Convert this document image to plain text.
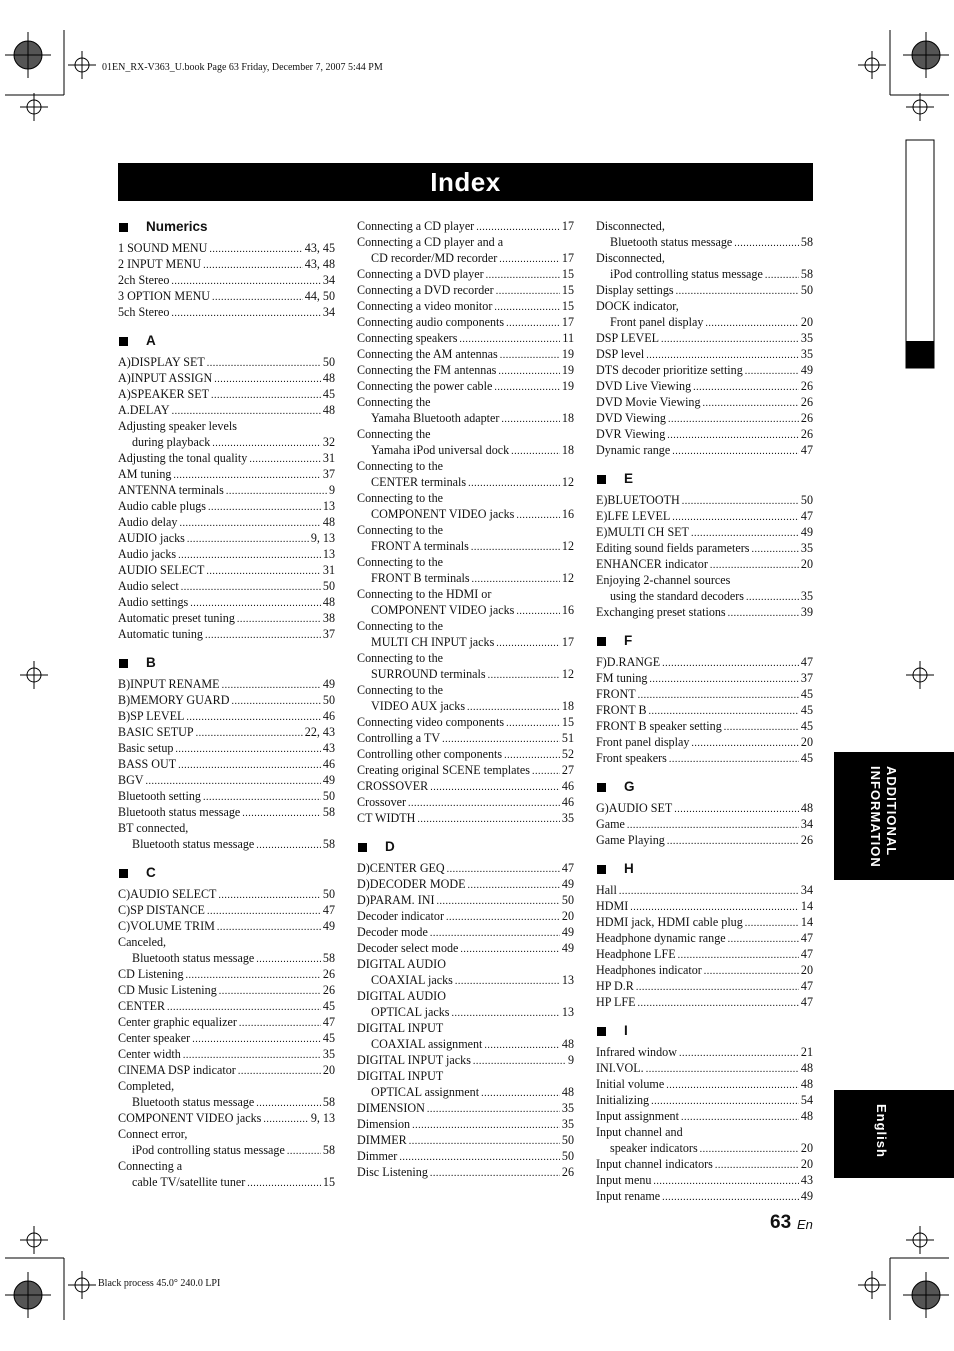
01EN_RX-V363_U.book Page 63 Friday, December 7, 2007 5:44 PM
Black process 45.0° 240.0 LPI
Index
Numerics
1 SOUND MENU .....	43, 45
2 INPUT MENU .....	43, 48
2ch Stereo .....	34
3 OPTION MENU .....	44, 50
5ch Stereo .....	34
A
A)DISPLAY SET .....	50
A)INPUT ASSIGN .....	48
A)SPEAKER SET .....	45
A.DELAY .....	48
Adjusting speaker levels
during playback .....	32
Adjusting the tonal quality .....	31
AM tuning .....	37
ANTENNA terminals .....	9
Audio cable plugs .....	13
Audio delay .....	48
AUDIO jacks .....	9, 13
Audio jacks .....	13
AUDIO SELECT .....	31
Audio select .....	50
Audio settings .....	48
Automatic preset tuning .....	38
Automatic tuning .....	37
B
B)INPUT RENAME .....	49
B)MEMORY GUARD .....	50
B)SP LEVEL .....	46
BASIC SETUP .....	22, 43
Basic setup .....	43
BASS OUT .....	46
BGV .....	49
Bluetooth setting .....	50
Bluetooth status message .....	58
BT connected,
Bluetooth status message .....	58
C
C)AUDIO SELECT .....	50
C)SP DISTANCE .....	47
C)VOLUME TRIM .....	49
Canceled,
Bluetooth status message .....	58
CD Listening .....	26
CD Music Listening .....	26
CENTER .....	45
Center graphic equalizer .....	47
Center speaker .....	45
Center width .....	35
CINEMA DSP indicator .....	20
Completed,
Bluetooth status message .....	58
COMPONENT VIDEO jacks .....	9, 13
Connect error,
iPod controlling status message .....	58
Connecting a
cable TV/satellite tuner .....	15
Connecting a CD player .....	17
Connecting a CD player and a
CD recorder/MD recorder .....	17
Connecting a DVD player .....	15
Connecting a DVD recorder .....	15
Connecting a video monitor .....	15
Connecting audio components .....	17
Connecting speakers .....	11
Connecting the AM antennas .....	19
Connecting the FM antennas .....	19
Connecting the power cable .....	19
Connecting the
Yamaha Bluetooth adapter .....	18
Connecting the
Yamaha iPod universal dock .....	18
Connecting to the
CENTER terminals .....	12
Connecting to the
COMPONENT VIDEO jacks .....	16
Connecting to the
FRONT A terminals .....	12
Connecting to the
FRONT B terminals .....	12
Connecting to the HDMI or
COMPONENT VIDEO jacks .....	16
Connecting to the
MULTI CH INPUT jacks .....	17
Connecting to the
SURROUND terminals .....	12
Connecting to the
VIDEO AUX jacks .....	18
Connecting video components .....	15
Controlling a TV .....	51
Controlling other components .....	52
Creating original SCENE templates .....	27
CROSSOVER .....	46
Crossover .....	46
CT WIDTH .....	35
D
D)CENTER GEQ .....	47
D)DECODER MODE .....	49
D)PARAM. INI .....	50
Decoder indicator .....	20
Decoder mode .....	49
Decoder select mode .....	49
DIGITAL AUDIO
COAXIAL jacks .....	13
DIGITAL AUDIO
OPTICAL jacks .....	13
DIGITAL INPUT
COAXIAL assignment .....	48
DIGITAL INPUT jacks .....	9
DIGITAL INPUT
OPTICAL assignment .....	48
DIMENSION .....	35
Dimension .....	35
DIMMER .....	50
Dimmer .....	50
Disc Listening .....	26
Disconnected,
Bluetooth status message .....	58
Disconnected,
iPod controlling status message .....	58
Display settings .....	50
DOCK indicator,
Front panel display .....	20
DSP LEVEL .....	35
DSP level .....	35
DTS decoder prioritize setting .....	49
DVD Live Viewing .....	26
DVD Movie Viewing .....	26
DVD Viewing .....	26
DVR Viewing .....	26
Dynamic range .....	47
E
E)BLUETOOTH .....	50
E)LFE LEVEL .....	47
E)MULTI CH SET .....	49
Editing sound fields parameters .....	35
ENHANCER indicator .....	20
Enjoying 2-channel sources
using the standard decoders .....	35
Exchanging preset stations .....	39
F
F)D.RANGE .....	47
FM tuning .....	37
FRONT .....	45
FRONT B .....	45
FRONT B speaker setting .....	45
Front panel display .....	20
Front speakers .....	45
G
G)AUDIO SET .....	48
Game .....	34
Game Playing .....	26
H
Hall .....	34
HDMI .....	14
HDMI jack, HDMI cable plug .....	14
Headphone dynamic range .....	47
Headphone LFE .....	47
Headphones indicator .....	20
HP D.R .....	47
HP LFE .....	47
I
Infrared window .....	21
INI.VOL. .....	48
Initial volume .....	48
Initializing .....	54
Input assignment .....	48
Input channel and
speaker indicators .....	20
Input channel indicators .....	20
Input menu .....	43
Input rename .....	49
ADDITIONAL
INFORMATION
English
63 En
